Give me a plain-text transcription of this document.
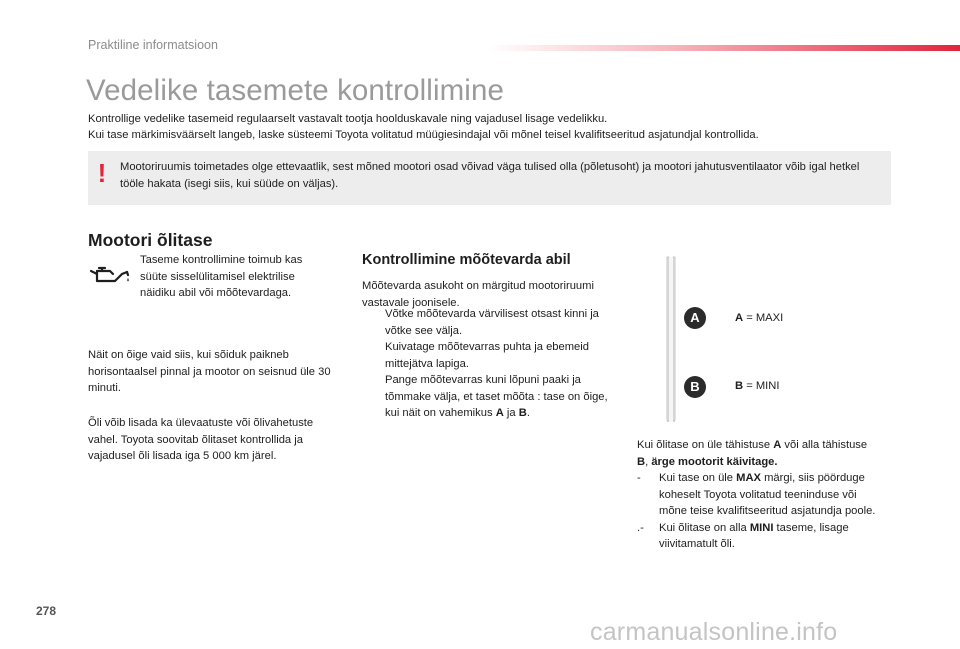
Praktiline informatsioon
Vedelike tasemete kontrollimine
Kontrollige vedelike tasemeid regulaarselt vastavalt tootja hoolduskavale ning vajadusel lisage vedelikku.
Kui tase märkimisväärselt langeb, laske süsteemi Toyota volitatud müügiesindajal või mõnel teisel kvalifitseeritud asjatundjal kontrollida.
! Mootoriruumis toimetades olge ettevaatlik, sest mõned mootori osad võivad väga tulised olla (põletusoht) ja mootori jahutusventilaator võib igal hetkel tööle hakata (isegi siis, kui süüde on väljas).
Mootori õlitase
Taseme kontrollimine toimub kas süüte sisselülitamisel elektrilise näidiku abil või mõõtevardaga.
Näit on õige vaid siis, kui sõiduk paikneb horisontaalsel pinnal ja mootor on seisnud üle 30 minuti.
Õli võib lisada ka ülevaatuste või õlivahetuste vahel. Toyota soovitab õlitaset kontrollida ja vajadusel õli lisada iga 5 000 km järel.
Kontrollimine mõõtevarda abil
Mõõtevarda asukoht on märgitud mootoriruumi vastavale joonisele.
Võtke mõõtevarda värvilisest otsast kinni ja võtke see välja.
Kuivatage mõõtevarras puhta ja ebemeid mittejätva lapiga.
Pange mõõtevarras kuni lõpuni paaki ja tõmmake välja, et taset mõõta : tase on õige, kui näit on vahemikus A ja B.
A
B
A = MAXI
B = MINI
Kui õlitase on üle tähistuse A või alla tähistuse B, ärge mootorit käivitage.
- Kui tase on üle MAX märgi, siis pöörduge koheselt Toyota volitatud teeninduse või mõne teise kvalifitseeritud asjatundja poole.
.- Kui õlitase on alla MINI taseme, lisage viivitamatult õli.
278
carmanualsonline.info
